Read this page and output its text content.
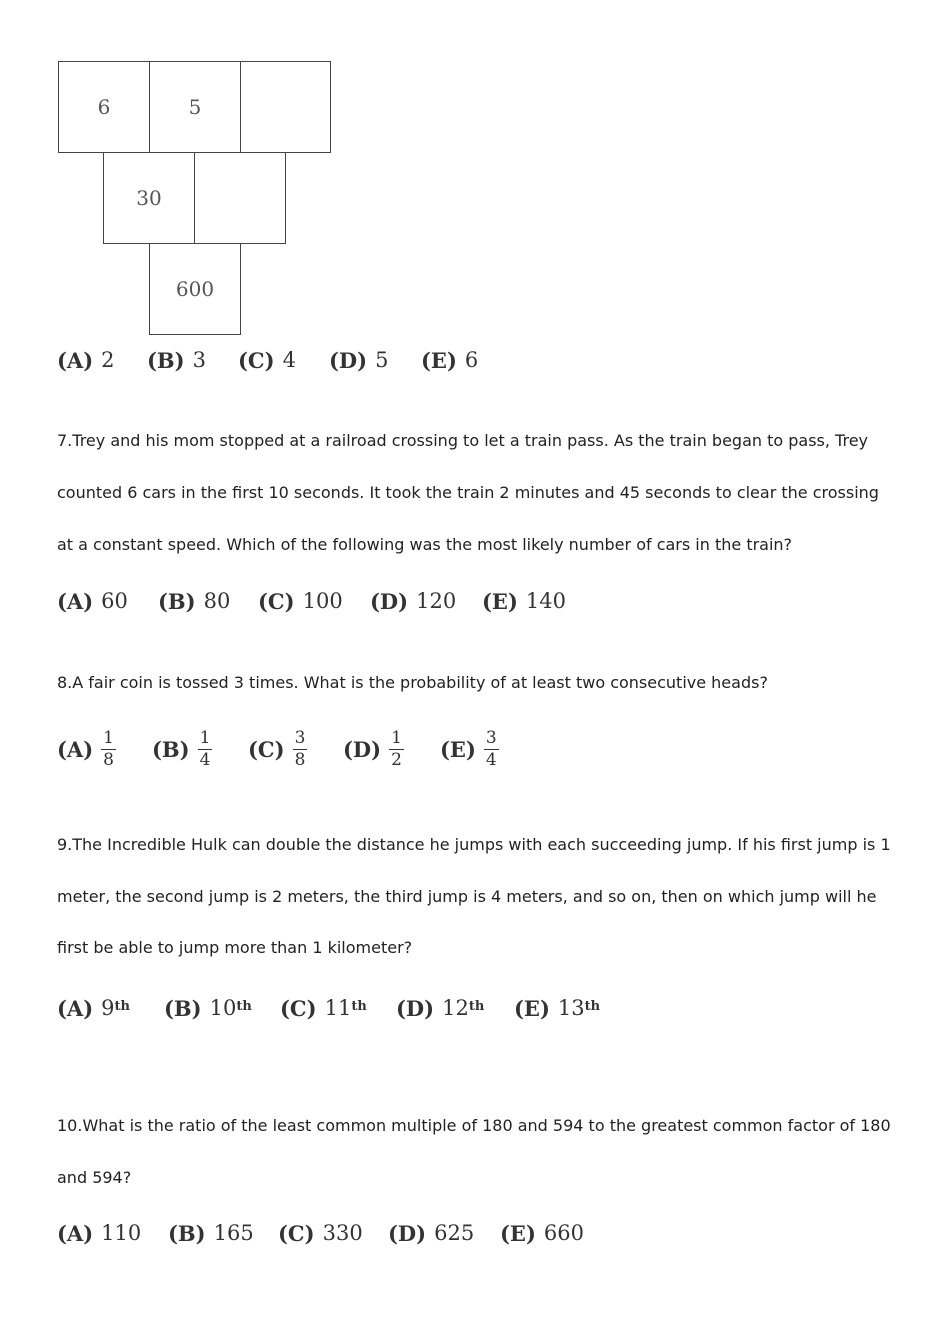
6	5
30
600
(A) 2 (B) 3 (C) 4 (D) 5 (E) 6
7.Trey and his mom stopped at a railroad crossing to let a train pass. As the train began to pass, Trey
counted 6 cars in the first 10 seconds. It took the train 2 minutes and 45 seconds to clear the crossing
at a constant speed. Which of the following was the most likely number of cars in the train?
(A) 60 (B) 80 (C) 100 (D) 120 (E) 140
8.A fair coin is tossed 3 times. What is the probability of at least two consecutive heads?
$(A) \frac{1}{8} (B) \frac{1}{4} (C) \frac{3}{8} (D) \frac{1}{2} (E) \frac{3}{4}$
9.The Incredible Hulk can double the distance he jumps with each succeeding jump. If his first jump is 1
meter, the second jump is 2 meters, the third jump is 4 meters, and so on, then on which jump will he
first be able to jump more than 1 kilometer?
(A) 9th (B) 10th (C) 11th (D) 12th (E) 13th
10.What is the ratio of the least common multiple of 180 and 594 to the greatest common factor of 180
and 594?
(A) 110 (B) 165 (C) 330 (D) 625 (E) 660
